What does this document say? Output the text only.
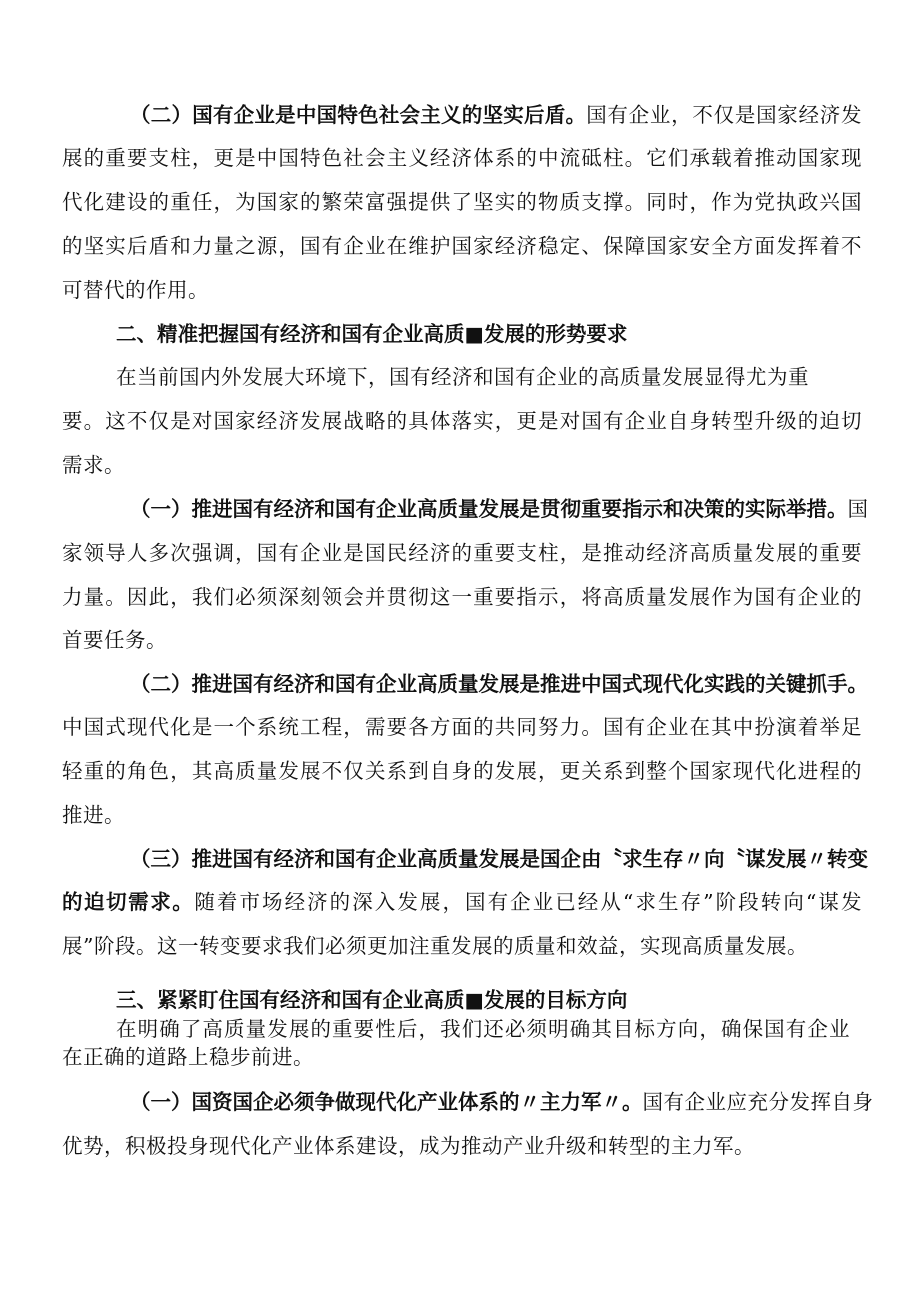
（二）国有企业是中国特色社会主义的坚实后盾。国有企业，不仅是国家经济发
展的重要支柱，更是中国特色社会主义经济体系的中流砥柱。它们承载着推动国家现
代化建设的重任，为国家的繁荣富强提供了坚实的物质支撑。同时，作为党执政兴国
的坚实后盾和力量之源，国有企业在维护国家经济稳定、保障国家安全方面发挥着不
可替代的作用。
二、精准把握国有经济和国有企业高质■发展的形势要求
在当前国内外发展大环境下，国有经济和国有企业的高质量发展显得尤为重
要。这不仅是对国家经济发展战略的具体落实，更是对国有企业自身转型升级的迫切
需求。
（一）推进国有经济和国有企业高质量发展是贯彻重要指示和决策的实际举措。国
家领导人多次强调，国有企业是国民经济的重要支柱，是推动经济高质量发展的重要
力量。因此，我们必须深刻领会并贯彻这一重要指示，将高质量发展作为国有企业的
首要任务。
（二）推进国有经济和国有企业高质量发展是推进中国式现代化实践的关键抓手。
中国式现代化是一个系统工程，需要各方面的共同努力。国有企业在其中扮演着举足
轻重的角色，其高质量发展不仅关系到自身的发展，更关系到整个国家现代化进程的
推进。
（三）推进国有经济和国有企业高质量发展是国企由〝求生存〃向〝谋发展〃转变
的迫切需求。随着市场经济的深入发展，国有企业已经从“求生存”阶段转向“谋发
展”阶段。这一转变要求我们必须更加注重发展的质量和效益，实现高质量发展。
三、紧紧盯住国有经济和国有企业高质■发展的目标方向
在明确了高质量发展的重要性后，我们还必须明确其目标方向，确保国有企业
在正确的道路上稳步前进。
（一）国资国企必须争做现代化产业体系的〃主力军〃。国有企业应充分发挥自身
优势，积极投身现代化产业体系建设，成为推动产业升级和转型的主力军。
